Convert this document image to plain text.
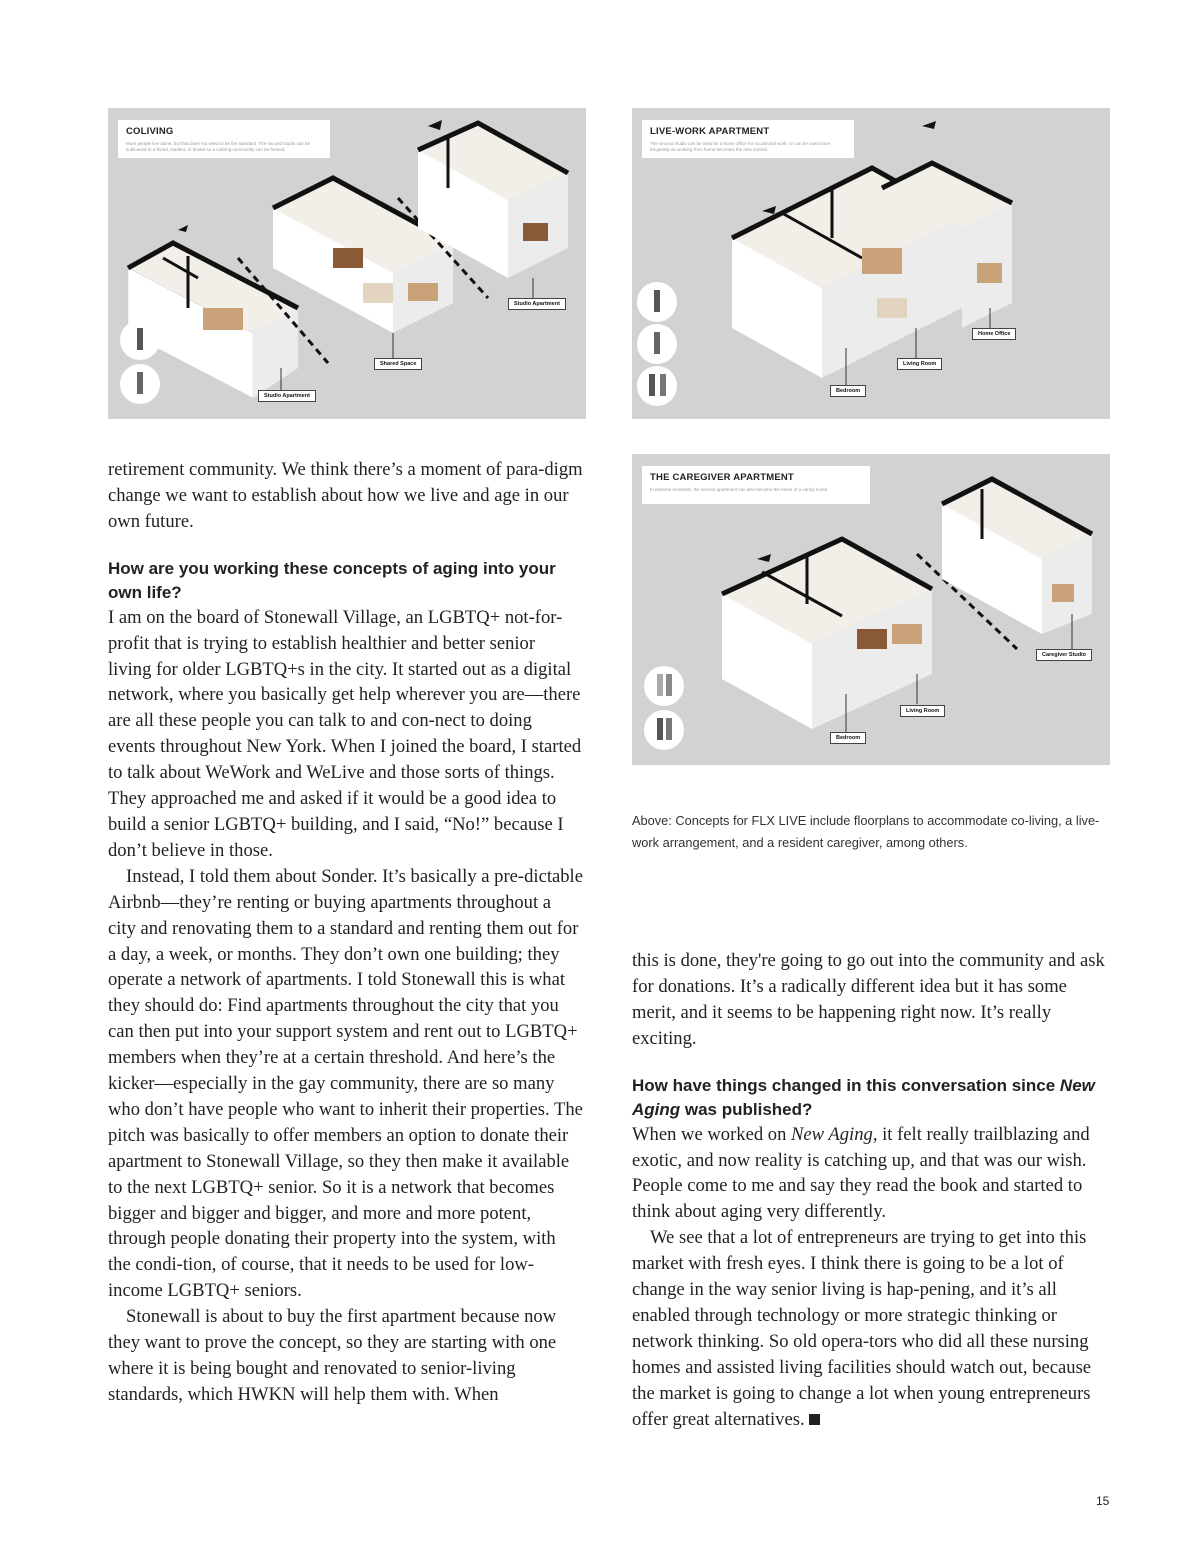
COLIVING
More people live alone, but that does not need to be the standard. The second studio can be subleased to a friend, student, or tenant so a coliving community can be formed.
Studio Apartment
Shared Space
Studio Apartment
LIVE-WORK APARTMENT
The second studio can be used as a home office for occasional work, or can be used more frequently as working from home becomes the new normal.
Home Office
Living Room
Bedroom
THE CAREGIVER APARTMENT
In extreme moments, the second apartment can also become the home of a caring nurse.
Caregiver Studio
Living Room
Bedroom
Above: Concepts for FLX LIVE include floorplans to accommodate co-living, a live-work arrangement, and a resident caregiver, among others.

retirement community. We think there’s a moment of para-digm change we want to establish about how we live and age in our own future.

How are you working these concepts of aging into your own life?

I am on the board of Stonewall Village, an LGBTQ+ not-for-profit that is trying to establish healthier and better senior living for older LGBTQ+s in the city. It started out as a digital network, where you basically get help wherever you are—there are all these people you can talk to and con-nect to doing events throughout New York. When I joined the board, I started to talk about WeWork and WeLive and those sorts of things. They approached me and asked if it would be a good idea to build a senior LGBTQ+ building, and I said, “No!” because I don’t believe in those.

Instead, I told them about Sonder. It’s basically a pre-dictable Airbnb—they’re renting or buying apartments throughout a city and renovating them to a standard and renting them out for a day, a week, or months. They don’t own one building; they operate a network of apartments. I told Stonewall this is what they should do: Find apartments throughout the city that you can then put into your support system and rent out to LGBTQ+ members when they’re at a certain threshold. And here’s the kicker—especially in the gay community, there are so many who don’t have people who want to inherit their properties. The pitch was basically to offer members an option to donate their apartment to Stonewall Village, so they then make it available to the next LGBTQ+ senior. So it is a network that becomes bigger and bigger and bigger, and more and more potent, through people donating their property into the system, with the condi-tion, of course, that it needs to be used for low-income LGBTQ+ seniors.

Stonewall is about to buy the first apartment because now they want to prove the concept, so they are starting with one where it is being bought and renovated to senior-living standards, which HWKN will help them with. When

this is done, they're going to go out into the community and ask for donations. It’s a radically different idea but it has some merit, and it seems to be happening right now. It’s really exciting.

How have things changed in this conversation since New Aging was published?

When we worked on New Aging, it felt really trailblazing and exotic, and now reality is catching up, and that was our wish. People come to me and say they read the book and started to think about aging very differently.

We see that a lot of entrepreneurs are trying to get into this market with fresh eyes. I think there is going to be a lot of change in the way senior living is hap-pening, and it’s all enabled through technology or more strategic thinking or network thinking. So old opera-tors who did all these nursing homes and assisted living facilities should watch out, because the market is going to change a lot when young entrepreneurs offer great alternatives.

15
